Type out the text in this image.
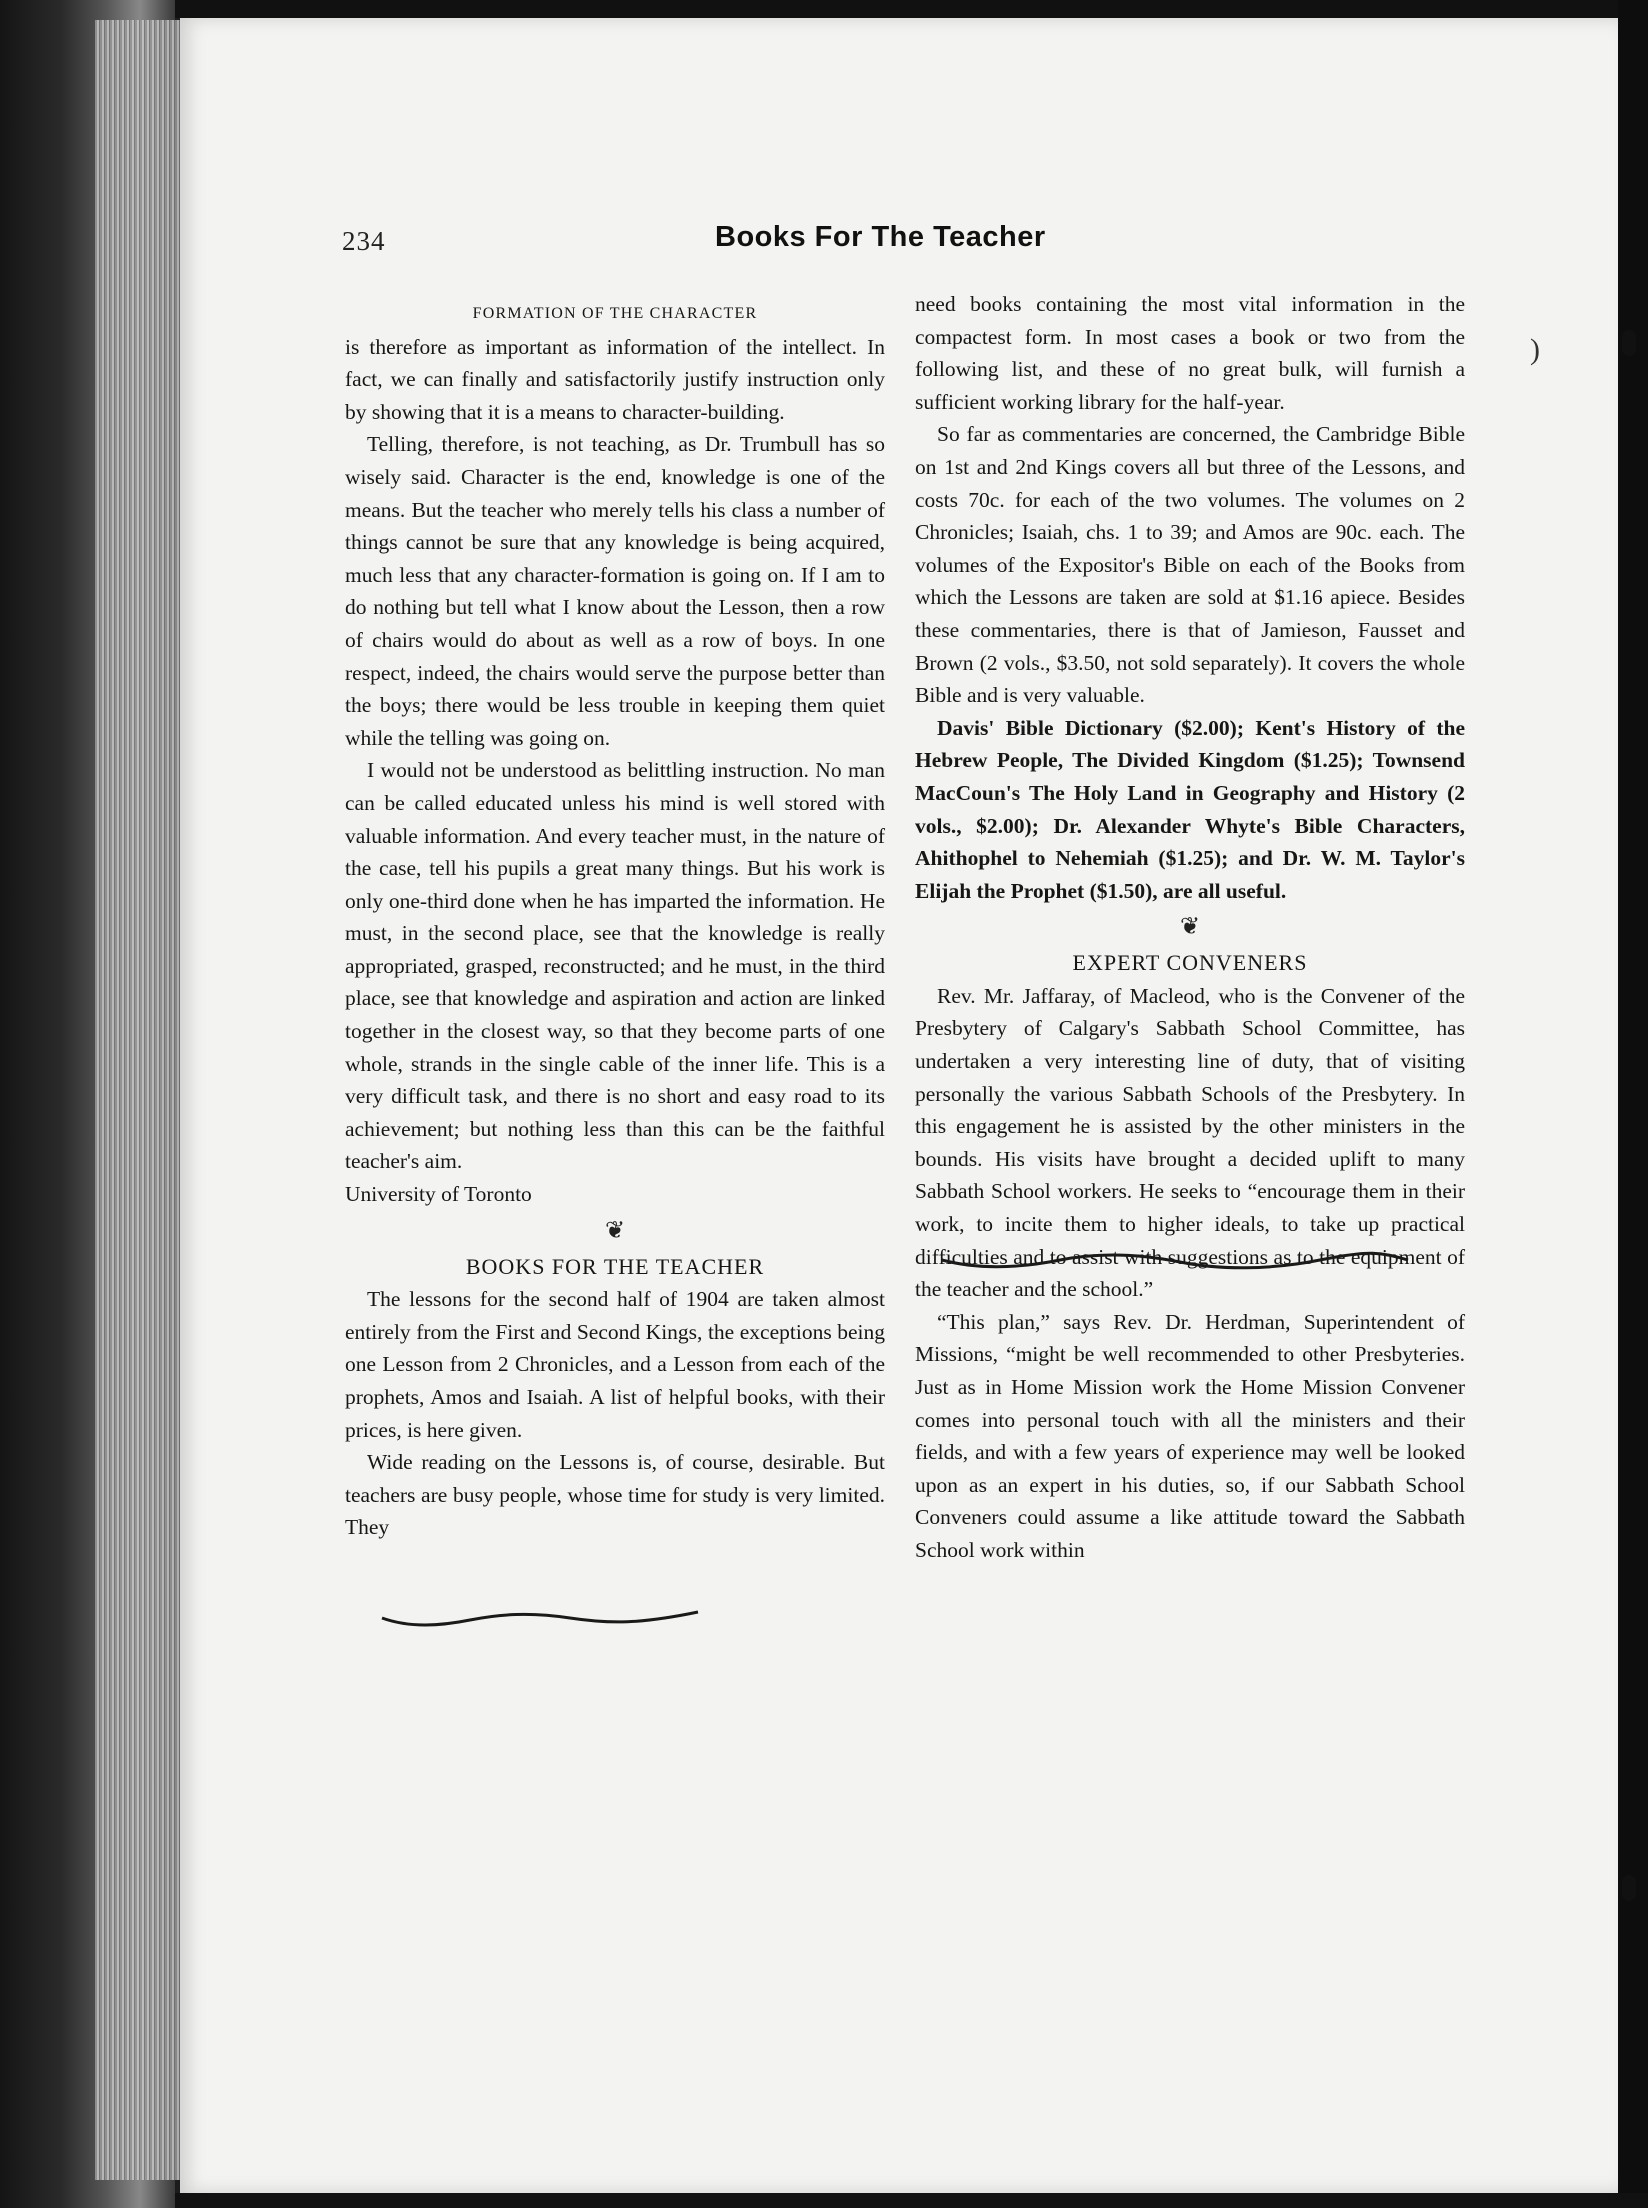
234	Books For The Teacher

FORMATION OF THE CHARACTER

is therefore as important as information of the intellect. In fact, we can finally and satisfactorily justify instruction only by showing that it is a means to character-building.

Telling, therefore, is not teaching, as Dr. Trumbull has so wisely said. Character is the end, knowledge is one of the means. But the teacher who merely tells his class a number of things cannot be sure that any knowledge is being acquired, much less that any character-formation is going on. If I am to do nothing but tell what I know about the Lesson, then a row of chairs would do about as well as a row of boys. In one respect, indeed, the chairs would serve the purpose better than the boys; there would be less trouble in keeping them quiet while the telling was going on.

I would not be understood as belittling instruction. No man can be called educated unless his mind is well stored with valuable information. And every teacher must, in the nature of the case, tell his pupils a great many things. But his work is only one-third done when he has imparted the information. He must, in the second place, see that the knowledge is really appropriated, grasped, reconstructed; and he must, in the third place, see that knowledge and aspiration and action are linked together in the closest way, so that they become parts of one whole, strands in the single cable of the inner life. This is a very difficult task, and there is no short and easy road to its achievement; but nothing less than this can be the faithful teacher's aim.

University of Toronto

❦

BOOKS FOR THE TEACHER

The lessons for the second half of 1904 are taken almost entirely from the First and Second Kings, the exceptions being one Lesson from 2 Chronicles, and a Lesson from each of the prophets, Amos and Isaiah. A list of helpful books, with their prices, is here given.

Wide reading on the Lessons is, of course, desirable. But teachers are busy people, whose time for study is very limited. They

need books containing the most vital information in the compactest form. In most cases a book or two from the following list, and these of no great bulk, will furnish a sufficient working library for the half-year.

So far as commentaries are concerned, the Cambridge Bible on 1st and 2nd Kings covers all but three of the Lessons, and costs 70c. for each of the two volumes. The volumes on 2 Chronicles; Isaiah, chs. 1 to 39; and Amos are 90c. each. The volumes of the Expositor's Bible on each of the Books from which the Lessons are taken are sold at $1.16 apiece. Besides these commentaries, there is that of Jamieson, Fausset and Brown (2 vols., $3.50, not sold separately). It covers the whole Bible and is very valuable.

Davis' Bible Dictionary ($2.00); Kent's History of the Hebrew People, The Divided Kingdom ($1.25); Townsend MacCoun's The Holy Land in Geography and History (2 vols., $2.00); Dr. Alexander Whyte's Bible Characters, Ahithophel to Nehemiah ($1.25); and Dr. W. M. Taylor's Elijah the Prophet ($1.50), are all useful.

❦

EXPERT CONVENERS

Rev. Mr. Jaffaray, of Macleod, who is the Convener of the Presbytery of Calgary's Sabbath School Committee, has undertaken a very interesting line of duty, that of visiting personally the various Sabbath Schools of the Presbytery. In this engagement he is assisted by the other ministers in the bounds. His visits have brought a decided uplift to many Sabbath School workers. He seeks to “encourage them in their work, to incite them to higher ideals, to take up practical difficulties and to assist with suggestions as to the equipment of the teacher and the school.”

“This plan,” says Rev. Dr. Herdman, Superintendent of Missions, “might be well recommended to other Presbyteries. Just as in Home Mission work the Home Mission Convener comes into personal touch with all the ministers and their fields, and with a few years of experience may well be looked upon as an expert in his duties, so, if our Sabbath School Conveners could assume a like attitude toward the Sabbath School work within

)
